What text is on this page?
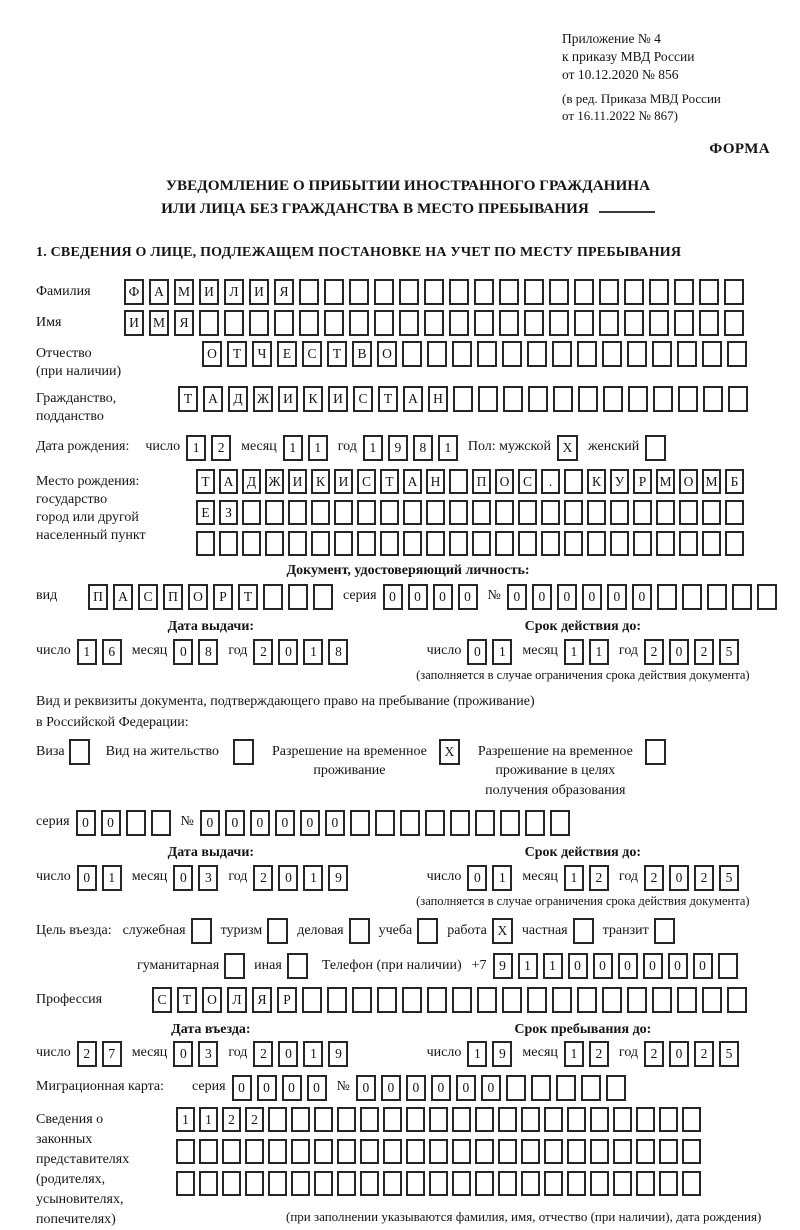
Приложение № 4
к приказу МВД России
от 10.12.2020 № 856
(в ред. Приказа МВД России
от 16.11.2022 № 867)
ФОРМА
УВЕДОМЛЕНИЕ О ПРИБЫТИИ ИНОСТРАННОГО ГРАЖДАНИНА
ИЛИ ЛИЦА БЕЗ ГРАЖДАНСТВА В МЕСТО ПРЕБЫВАНИЯ
1. СВЕДЕНИЯ О ЛИЦЕ, ПОДЛЕЖАЩЕМ ПОСТАНОВКЕ НА УЧЕТ ПО МЕСТУ ПРЕБЫВАНИЯ
Фамилия	Ф	А	М	И	Л	И	Я
Имя	И	М	Я
Отчество
(при наличии)
О	Т	Ч	Е	С	Т	В	О
Гражданство,
подданство
Т	А	Д	Ж	И	К	И	С	Т	А	Н
Дата рождения: число 1	2	месяц 1	1	год 1	9	8	1	Пол: мужской X	женский
Место рождения:
государство
город или другой
населенный пункт
Т	А	Д Ж И	К	И	С	Т	А Н	П О	С	.	К	У	Р М О М Б
Е	З
Документ, удостоверяющий личность:
вид	П	А	С	П	О	Р	Т	серия 0	0	0	0	№ 0	0	0	0	0	0
Дата выдачи:
число 1	6	месяц 0	8	год 2	0	1	8
Срок действия до:
число 0	1	месяц 1	1	год 2	0	2	5
(заполняется в случае ограничения срока действия документа)
Вид и реквизиты документа, подтверждающего право на пребывание (проживание)
в Российской Федерации:
Виза	Вид на жительство	Разрешение на временное
проживание
X	Разрешение на временное
проживание в целях
получения образования
серия 0	0	№ 0	0	0	0	0	0
Дата выдачи:
число 0	1	месяц 0	3	год 2	0	1	9
Срок действия до:
число 0	1	месяц 1	2	год 2	0	2	5
(заполняется в случае ограничения срока действия документа)
Цель въезда: служебная	туризм	деловая	учеба	работа X	частная	транзит
гуманитарная	иная	Телефон (при наличии) +7 9	1	1	0	0	0	0	0	0
Профессия	С	Т	О	Л	Я	Р
Дата въезда:
число 2	7	месяц 0	3	год 2	0	1	9
Срок пребывания до:
число 1	9	месяц 1	2	год 2	0	2	5
Миграционная карта:	серия 0	0	0	0	№ 0	0	0	0	0	0
Сведения о
законных
представителях
(родителях,
усыновителях,
попечителях)
1	1	2	2
(при заполнении указываются фамилия, имя, отчество (при наличии), дата рождения)
